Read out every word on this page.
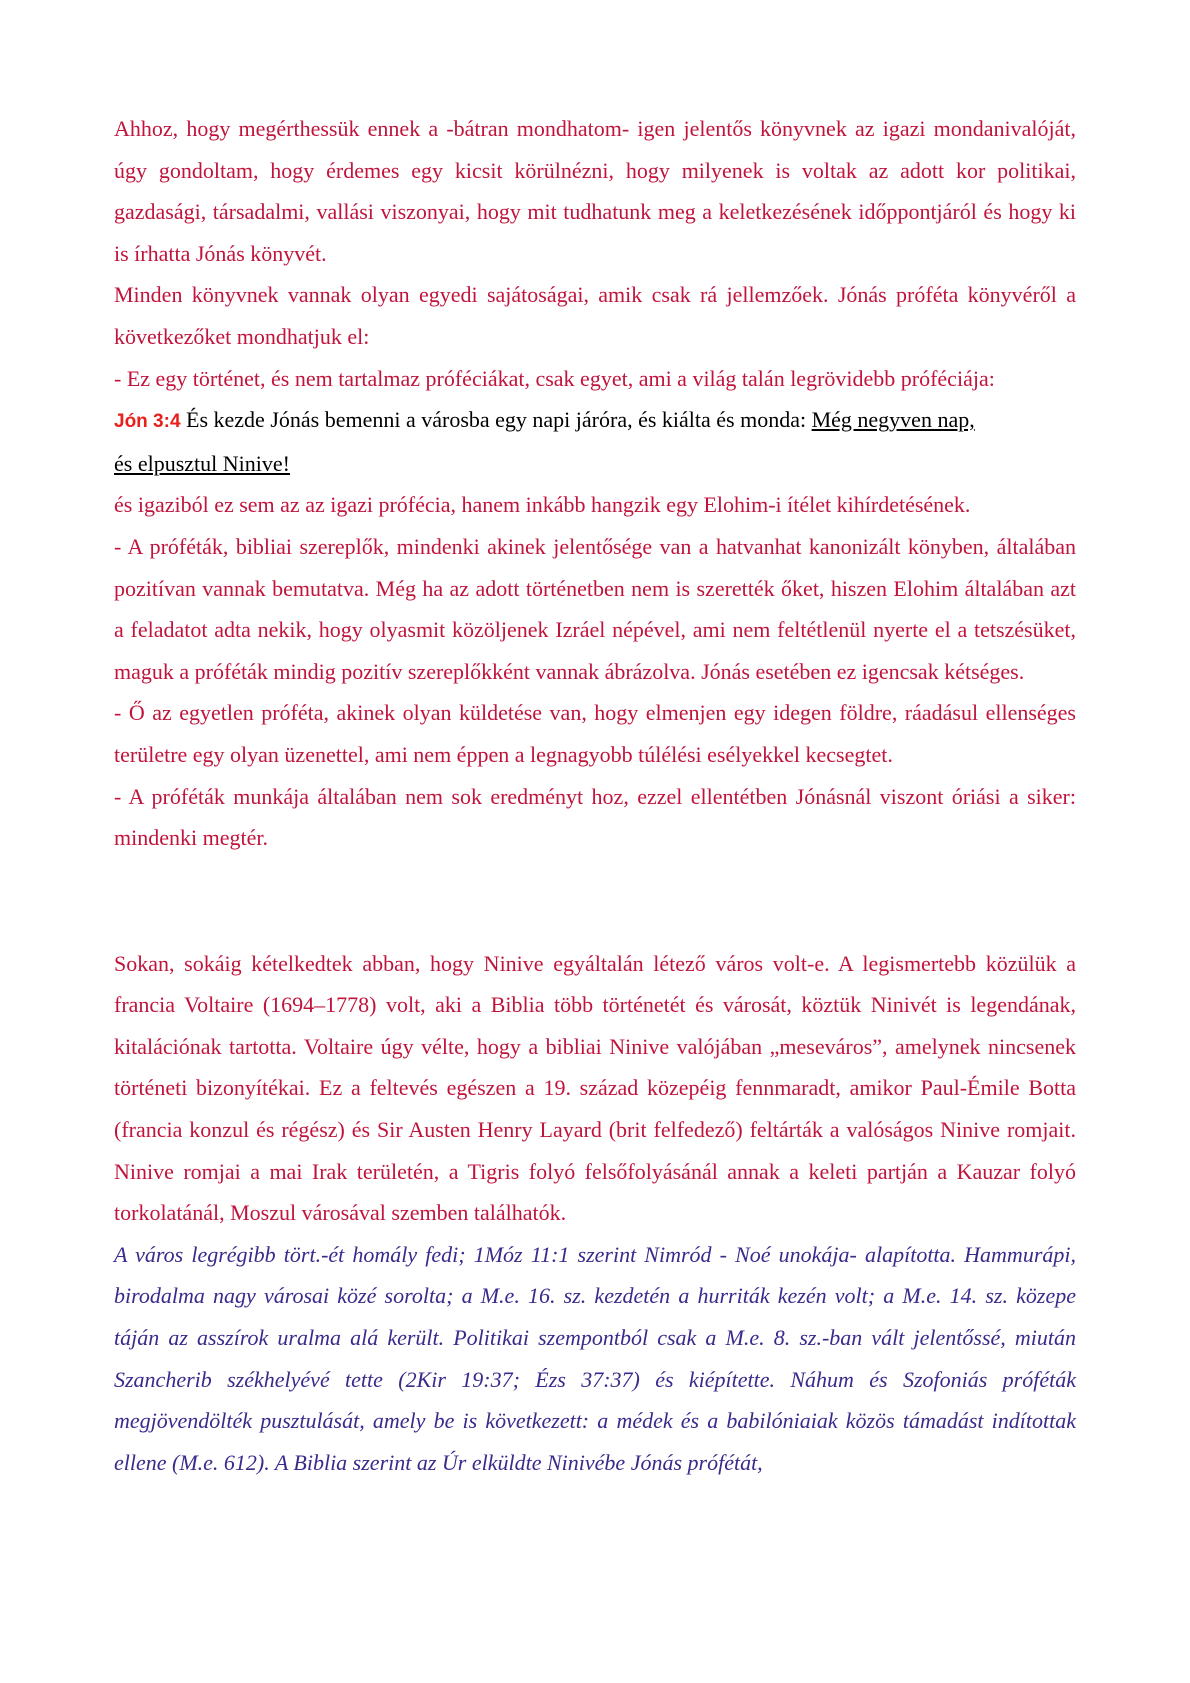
Ahhoz, hogy megérthessük ennek a -bátran mondhatom- igen jelentős könyvnek az igazi mondanivalóját, úgy gondoltam, hogy érdemes egy kicsit körülnézni, hogy milyenek is voltak az adott kor politikai, gazdasági, társadalmi, vallási viszonyai, hogy mit tudhatunk meg a keletkezésének időppontjáról és hogy ki is írhatta Jónás könyvét.

Minden könyvnek vannak olyan egyedi sajátoságai, amik csak rá jellemzőek. Jónás próféta könyvéről a következőket mondhatjuk el:

- Ez egy történet, és nem tartalmaz próféciákat, csak egyet, ami a világ talán legrövidebb próféciája:

Jón 3:4 És kezde Jónás bemenni a városba egy napi járóra, és kiálta és monda: Még negyven nap,
és elpusztul Ninive!

és igaziból ez sem az az igazi prófécia, hanem inkább hangzik egy Elohim-i ítélet kihírdetésének.

- A próféták, bibliai szereplők, mindenki akinek jelentősége van a hatvanhat kanonizált könyben, általában pozitívan vannak bemutatva. Még ha az adott történetben nem is szerették őket, hiszen Elohim általában azt a feladatot adta nekik, hogy olyasmit közöljenek Izráel népével, ami nem feltétlenül nyerte el a tetszésüket, maguk a próféták mindig pozitív szereplőkként vannak ábrázolva. Jónás esetében ez igencsak kétséges.

- Ő az egyetlen próféta, akinek olyan küldetése van, hogy elmenjen egy idegen földre, ráadásul ellenséges területre egy olyan üzenettel, ami nem éppen a legnagyobb túlélési esélyekkel kecsegtet.

- A próféták munkája általában nem sok eredményt hoz, ezzel ellentétben Jónásnál viszont óriási a siker: mindenki megtér.

Sokan, sokáig kételkedtek abban, hogy Ninive egyáltalán létező város volt-e. A legismertebb közülük a francia Voltaire (1694–1778) volt, aki a Biblia több történetét és városát, köztük Ninivét is legendának, kitalációnak tartotta. Voltaire úgy vélte, hogy a bibliai Ninive valójában „meseváros”, amelynek nincsenek történeti bizonyítékai. Ez a feltevés egészen a 19. század közepéig fennmaradt, amikor Paul-Émile Botta (francia konzul és régész) és Sir Austen Henry Layard (brit felfedező) feltárták a valóságos Ninive romjait. Ninive romjai a mai Irak területén, a Tigris folyó felsőfolyásánál annak a keleti partján a Kauzar folyó torkolatánál, Moszul városával szemben találhatók.

A város legrégibb tört.-ét homály fedi; 1Móz 11:1 szerint Nimród - Noé unokája- alapította. Hammurápi, birodalma nagy városai közé sorolta; a M.e. 16. sz. kezdetén a hurriták kezén volt; a M.e. 14. sz. közepe táján az asszírok uralma alá került. Politikai szempontból csak a M.e. 8. sz.-ban vált jelentőssé, miután Szancherib székhelyévé tette (2Kir 19:37; Ézs 37:37) és kiépítette. Náhum és Szofoniás próféták megjövendölték pusztulását, amely be is következett: a médek és a babilóniaiak közös támadást indítottak ellene (M.e. 612). A Biblia szerint az Úr elküldte Ninivébe Jónás prófétát,
